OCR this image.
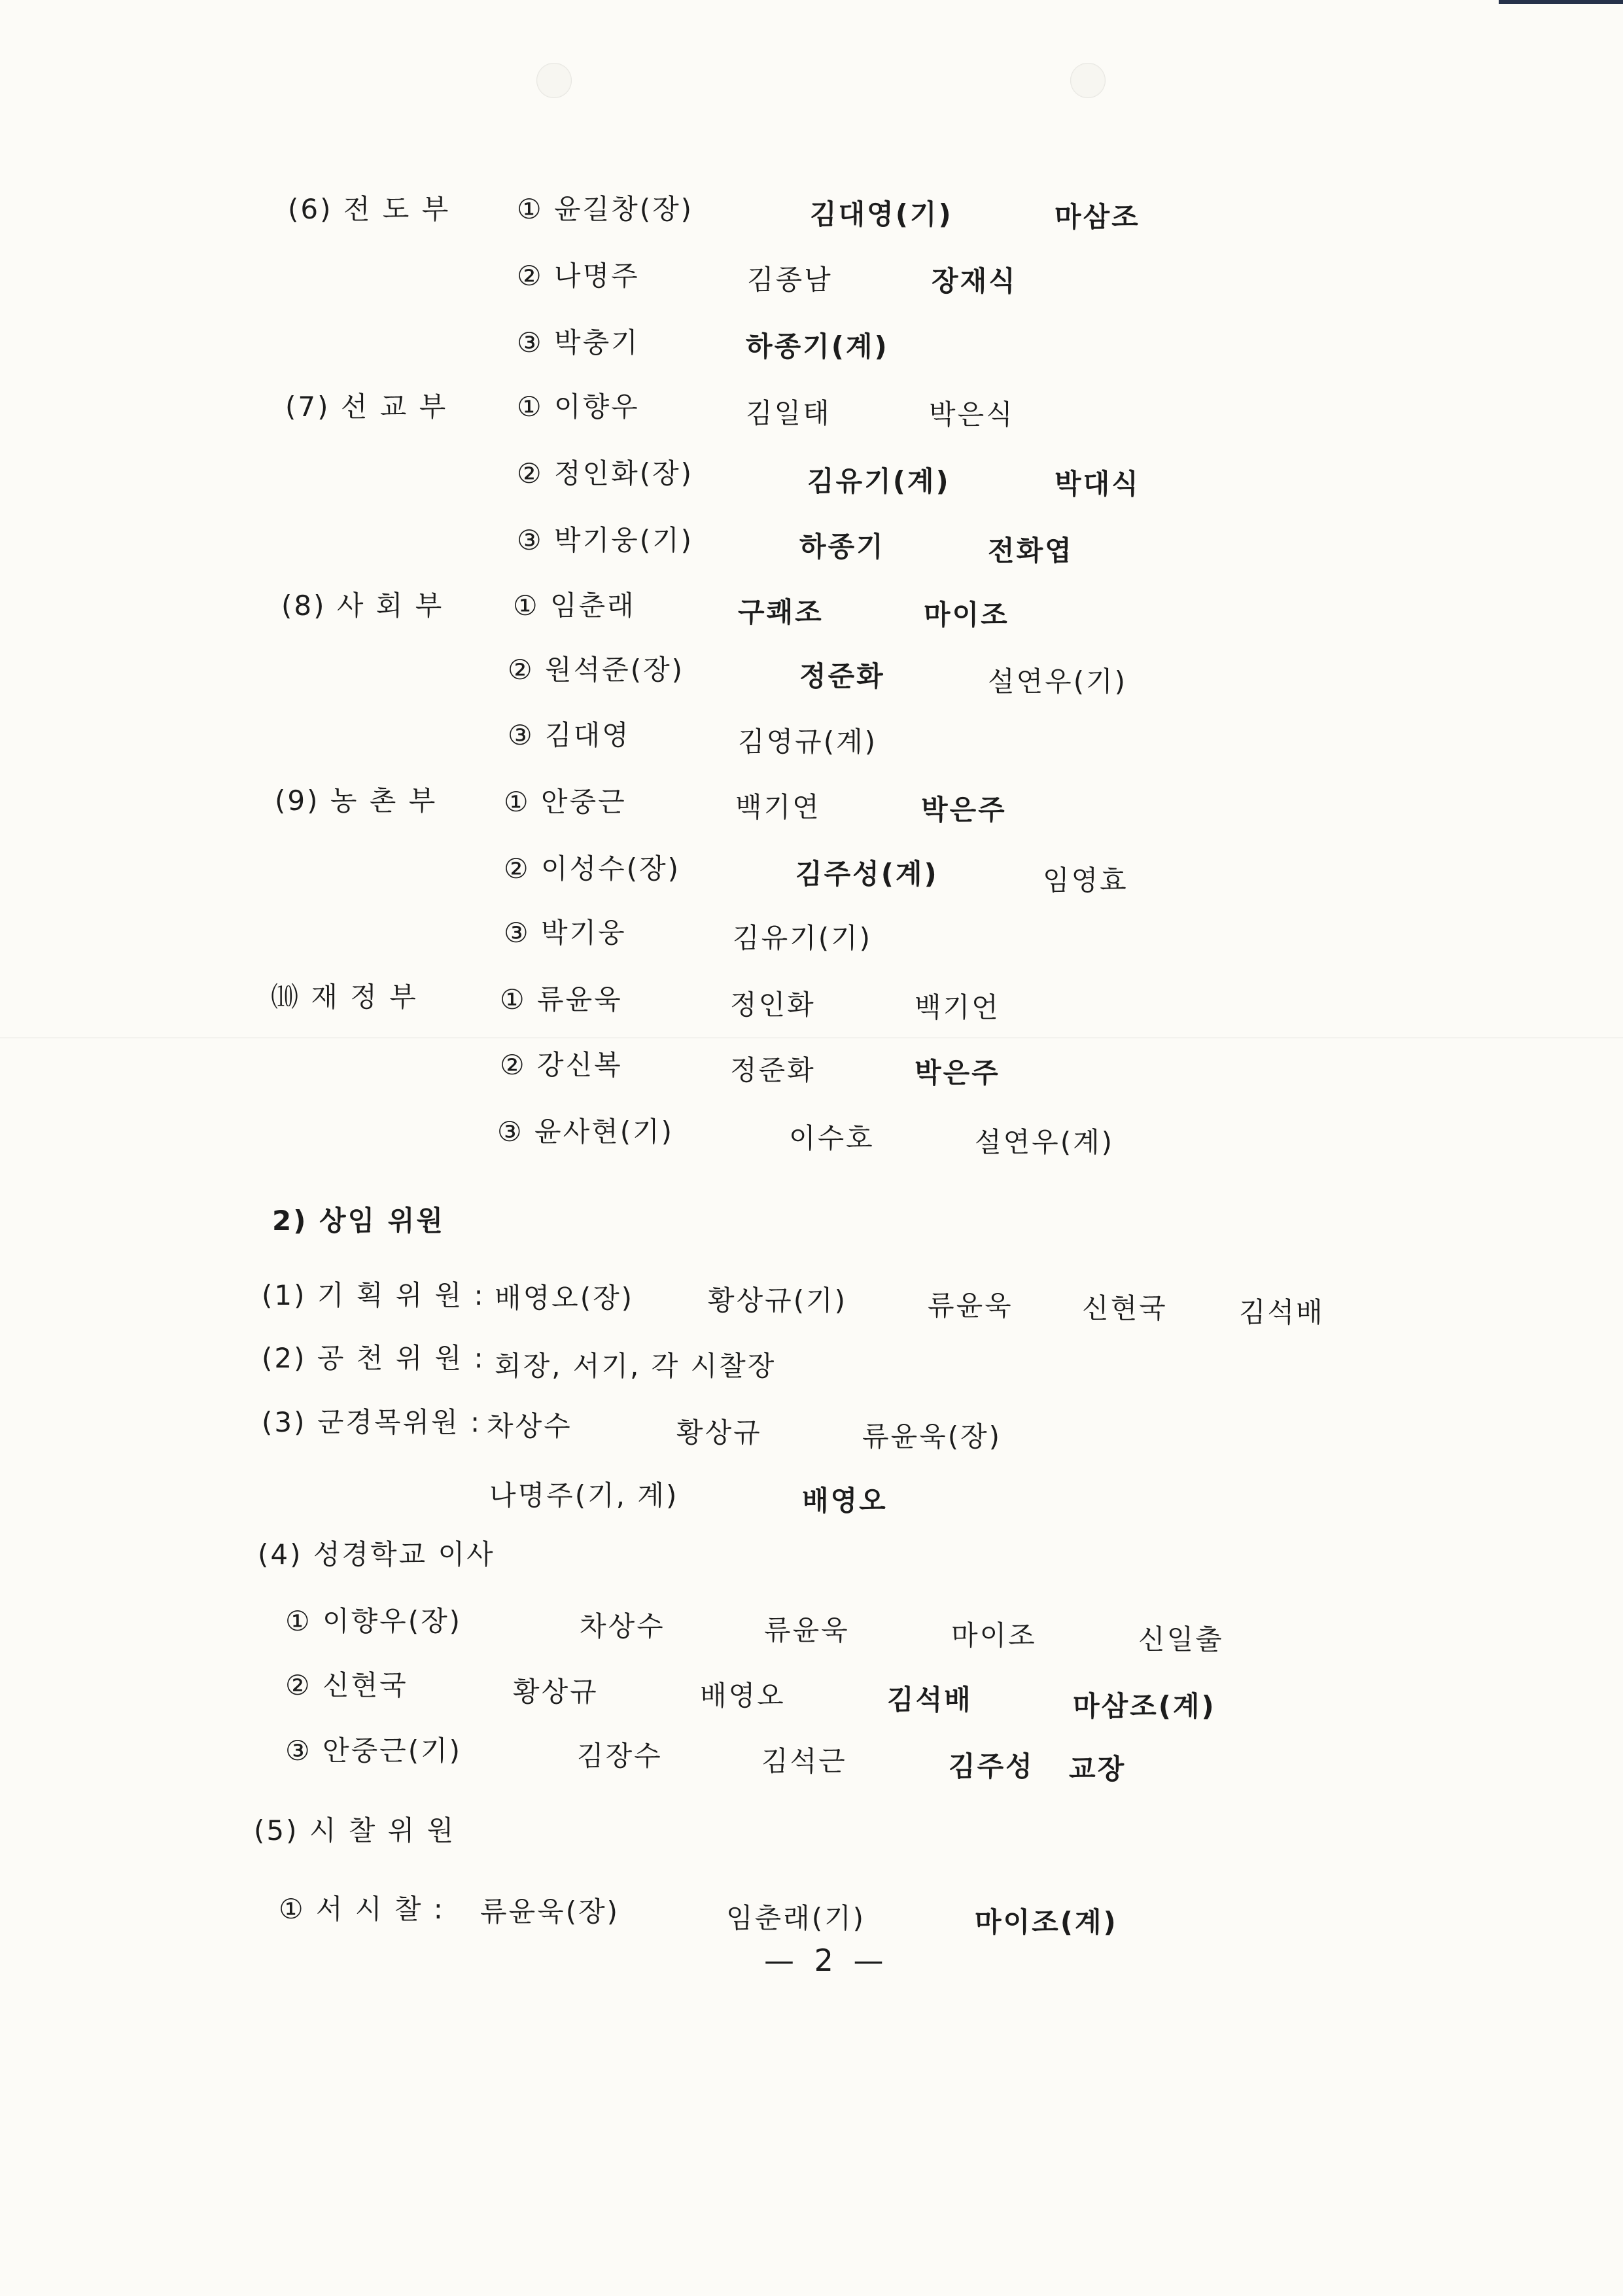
(6) 전 도 부 ① 윤길창(장)	김대영(기)	마삼조
② 나명주	김종남	장재식
③ 박충기	하종기(계)
(7) 선 교 부	① 이향우	김일태	박은식
② 정인화(장)	김유기(계)	박대식
③ 박기웅(기)	하종기	전화엽
(8) 사 회 부	① 임춘래	구쾌조	마이조
② 원석준(장)	정준화	설연우(기)
③ 김대영	김영규(계)
(9) 농 촌 부 ① 안중근	백기연	박은주
② 이성수(장)	김주성(계)	임영효
③ 박기웅	김유기(기)
⑽ 재 정 부	① 류윤욱	정인화	백기언
② 강신복	정준화	박은주
③ 윤사현(기)	이수호	설연우(계)
2) 상임 위원
(1) 기 획 위 원 : 배영오(장)	황상규(기)	류윤욱	신현국	김석배
(2) 공 천 위 원 : 회장, 서기, 각 시찰장
(3) 군경목위원 : 차상수	황상규	류윤욱(장)
나명주(기, 계)	배영오
(4) 성경학교 이사
① 이향우(장)	차상수	류윤욱	마이조	신일출
② 신현국	황상규	배영오	김석배	마삼조(계)
③ 안중근(기)	김장수	김석근	김주성 교장
(5) 시 찰 위 원
① 서 시 찰 : 류윤욱(장)	임춘래(기)	마이조(계)
— 2 —
